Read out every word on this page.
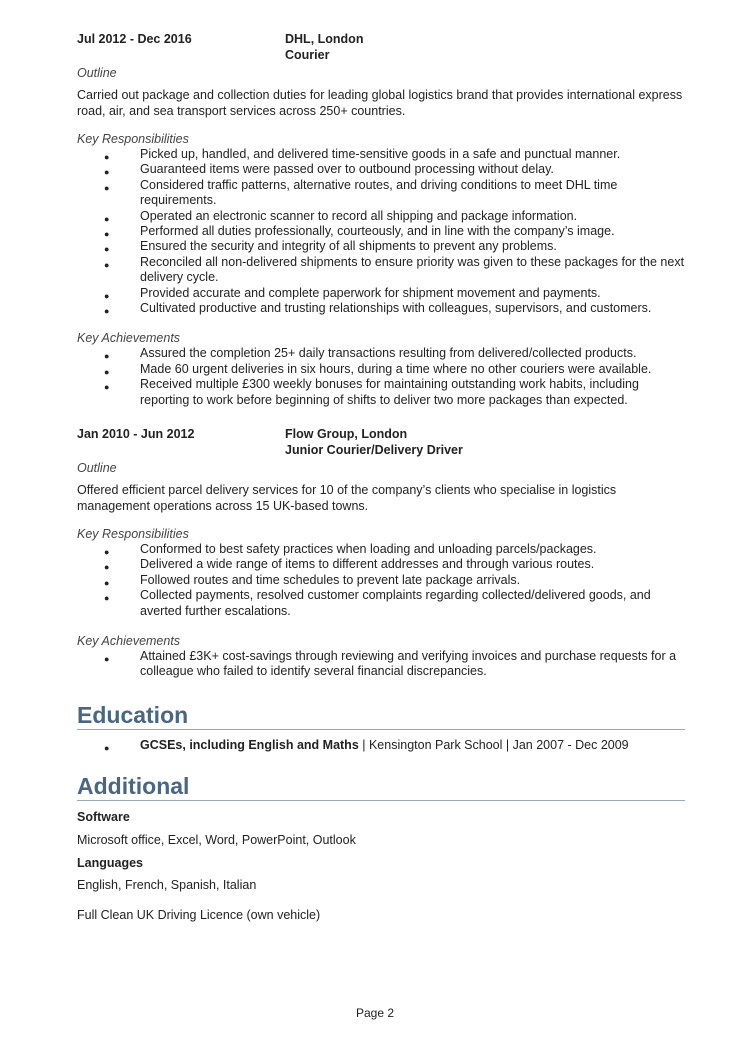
Jul 2012 - Dec 2016	DHL, London
Courier
Outline
Carried out package and collection duties for leading global logistics brand that provides international express road, air, and sea transport services across 250+ countries.
Key Responsibilities
● Picked up, handled, and delivered time-sensitive goods in a safe and punctual manner.
● Guaranteed items were passed over to outbound processing without delay.
● Considered traffic patterns, alternative routes, and driving conditions to meet DHL time requirements.
● Operated an electronic scanner to record all shipping and package information.
● Performed all duties professionally, courteously, and in line with the company’s image.
● Ensured the security and integrity of all shipments to prevent any problems.
● Reconciled all non-delivered shipments to ensure priority was given to these packages for the next delivery cycle.
● Provided accurate and complete paperwork for shipment movement and payments.
● Cultivated productive and trusting relationships with colleagues, supervisors, and customers.
Key Achievements
● Assured the completion 25+ daily transactions resulting from delivered/collected products.
● Made 60 urgent deliveries in six hours, during a time where no other couriers were available.
● Received multiple £300 weekly bonuses for maintaining outstanding work habits, including reporting to work before beginning of shifts to deliver two more packages than expected.
Jan 2010 - Jun 2012	Flow Group, London
Junior Courier/Delivery Driver
Outline
Offered efficient parcel delivery services for 10 of the company’s clients who specialise in logistics management operations across 15 UK-based towns.
Key Responsibilities
● Conformed to best safety practices when loading and unloading parcels/packages.
● Delivered a wide range of items to different addresses and through various routes.
● Followed routes and time schedules to prevent late package arrivals.
● Collected payments, resolved customer complaints regarding collected/delivered goods, and averted further escalations.
Key Achievements
● Attained £3K+ cost-savings through reviewing and verifying invoices and purchase requests for a colleague who failed to identify several financial discrepancies.
Education
● GCSEs, including English and Maths | Kensington Park School | Jan 2007 - Dec 2009
Additional
Software
Microsoft office, Excel, Word, PowerPoint, Outlook
Languages
English, French, Spanish, Italian
Full Clean UK Driving Licence (own vehicle)
Page 2
